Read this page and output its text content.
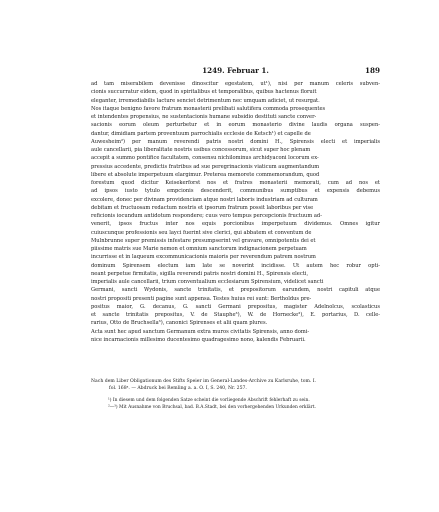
1249. Februar 1.	189
ad tam miserabilem devenisse dinoscitur egestatem, ut¹), nisi per manum celeris subven-
cionis succurratur eidem, quod in spiritalibus et temporalibus, quibus hactenus floruit
eleganter, irremediabilis lacture senciet detrimentum nec umquam adiciet, ut resurgat.
Nos itaque benigno favore fratrum monasterii prelibati salutifera commoda prosequentes
et intendentes propensius, ne sustentacionis humane subsidio destituti sancte conver-
sacionis eorum oleum perturbetur et in eorum monasterio divine laudis organa suspen-
dantur, dimidiam partem proventuum parrochialis ecclesie de Ketsch¹) et capelle de
Auwesheim²) per manum reverendi patris nostri domini H., Spirensis electi et imperialis
aule cancellarii, pia liberalitate nostris usibus concessorum, sicut super hoc plenam
accepit a summo pontifice facultatem, consensu nichilominus archidyaconi locorum ex-
pressius accedente, predictis fratribus ad sue peregrinacionis viaticum augmentandum
libere et absolute imperpetuum elargimur. Preterea memorete commemorandum, quod
forestum quod dicitur Keisekerforst nos et fratres monasterii memorati, cum ad nos et
ad ipsos iusto tytulo empcionis descenderit, communibus sumptibus et expensis debemus
excolere, donec per divinam providenciam atque nostri laboris industriam ad culturam
debitam et fructuosam redactum nostris et ipsorum fratrum possit laboribus per vise
reficionis iocundum antidotum respondere; cuus vero tempus percepcionis fructuum ad-
venerit, ipsos fructus inter nos equis porcionibus imperpetuum dividemus. Omnes igitur
cuiuscunque professionis seu layci fuerint sive clerici, qui abbatem et conventum de
Mulnbrunne super premissis infestare presumpserint vel gravare, omnipotentis dei et
piissime matris sue Marie nemon et omnium sanctorum indignacionem perpetuam
incurrisse et in laqueum excommunicacionis maioris per reverendum patrem nostrum
dominum Spirensem electum iam late se noverint incidisse. Ut autem hec robur opti-
neant perpetue firmitatis, sigilla reverendi patris nostri domini H., Spirensis electi,
imperialis aule cancellarii, trium conventualium ecclesiarum Spirensium, videlicet sancti
Germani, sancti Wydonis, sancte trinitatis, et prepositorum earundem, nostri capituli atque
nostri propositi presenti pagine sunt appensa. Testes huius rei sunt: Bertholdus pre-
positus maior, G. decanus, G. sancti Germani prepositus, magister Adelnolcus, scolasticus
et sancte trinitatis prepositus, V. de Stauphe³), W. de Hornecke³), E. portarius, D. celle-
rarius, Otto de Bruchsella³), canonici Spirenses et alii quam plures.
Acta sunt hec apud sanctum Germanum extra muros civitatis Spirensis, anno domi-
nice incarnacionis millesimo ducentesimo quadragesimo nono, kalendis Februarii.
Nach dem Liber Obligationum des Stifts Speier im General-Landes-Archive zu Karlsruhe, tom. I.
fol. 168ᵃ. — Abdruck bei Remling a. a. O. I, S. 240, Nr. 257.
¹) In diesem und dem folgenden Satze scheint die vorliegende Abschrift fehlerhaft zu sein.
²—³) Mit Ausnahme von Bruchsal, bad. B.A.Stadt, bei den vorhergehenden Urkunden erklärt.
